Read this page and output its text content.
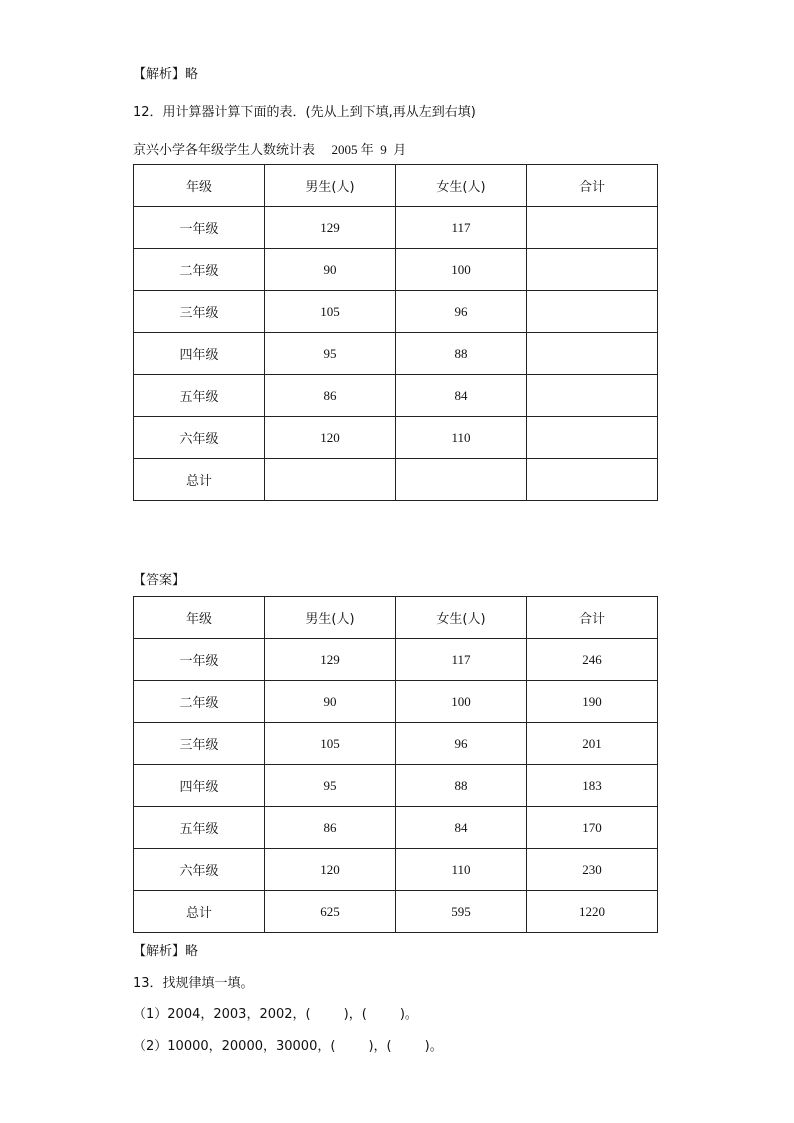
【解析】略
12．用计算器计算下面的表．(先从上到下填,再从左到右填)
京兴小学各年级学生人数统计表 2005 年  9  月
年级	男生(人)	女生(人)	合计
一年级	129	117	
二年级	90	100	
三年级	105	96	
四年级	95	88	
五年级	86	84	
六年级	120	110	
总计			
【答案】
年级	男生(人)	女生(人)	合计
一年级	129	117	246
二年级	90	100	190
三年级	105	96	201
四年级	95	88	183
五年级	86	84	170
六年级	120	110	230
总计	625	595	1220
【解析】略
13．找规律填一填。
（1）2004，2003，2002，(        )，(        )。
（2）10000，20000，30000，(        )，(        )。
